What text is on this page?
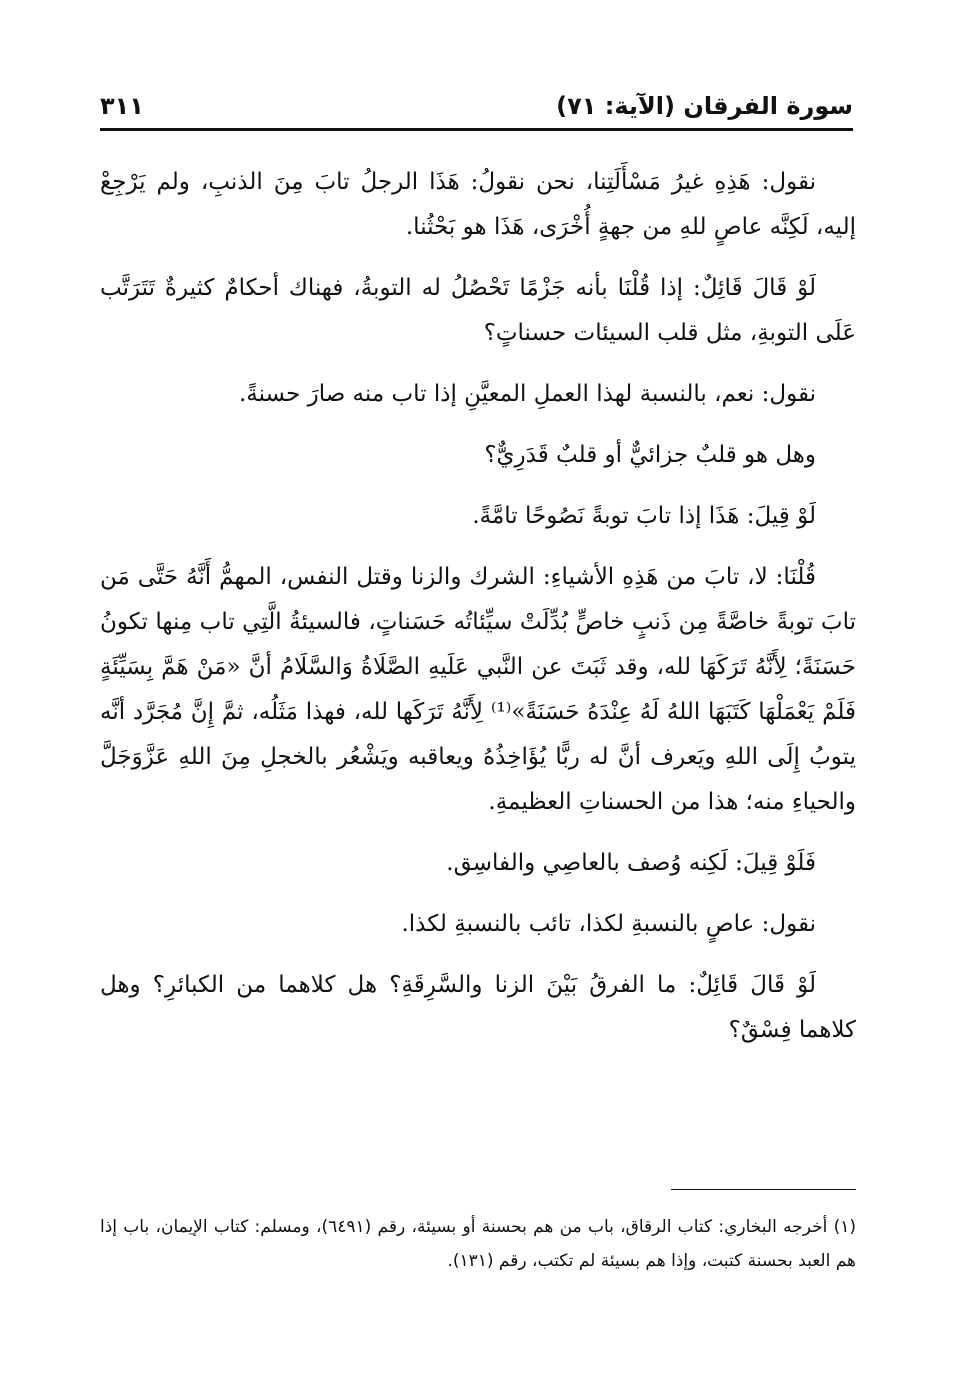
سورة الفرقان (الآية: ٧١)
٣١١

نقول: هَذِهِ غيرُ مَسْأَلَتِنا، نحن نقولُ: هَذَا الرجلُ تابَ مِنَ الذنبِ، ولم يَرْجِعْ إليه، لَكِنَّه عاصٍ للهِ من جهةٍ أُخْرَى، هَذَا هو بَحْثُنا.

لَوْ قَالَ قَائِلٌ: إذا قُلْنَا بأنه جَزْمًا تَحْصُلُ له التوبةُ، فهناك أحكامٌ كثيرةٌ تَتَرَتَّب عَلَى التوبةِ، مثل قلب السيئات حسناتٍ؟

نقول: نعم، بالنسبة لهذا العملِ المعيَّنِ إذا تاب منه صارَ حسنةً.

وهل هو قلبٌ جزائيٌّ أو قلبٌ قَدَرِيٌّ؟

لَوْ قِيلَ: هَذَا إذا تابَ توبةً نَصُوحًا تامَّةً.

قُلْنَا: لا، تابَ من هَذِهِ الأشياءِ: الشرك والزنا وقتل النفس، المهمُّ أَنَّهُ حَتَّى مَن تابَ توبةً خاصَّةً مِن ذَنبٍ خاصٍّ بُدِّلَتْ سيِّئاتُه حَسَناتٍ، فالسيئةُ الَّتِي تاب مِنها تكونُ حَسَنَةً؛ لِأَنَّهُ تَرَكَهَا لله، وقد ثَبَتَ عن النَّبي عَلَيهِ الصَّلَاةُ وَالسَّلَامُ أنَّ «مَنْ هَمَّ بِسَيِّئَةٍ فَلَمْ يَعْمَلْهَا كَتَبَهَا اللهُ لَهُ عِنْدَهُ حَسَنَةً»⁽¹⁾ لِأَنَّهُ تَرَكَها لله، فهذا مَثَلُه، ثمَّ إِنَّ مُجَرَّد أنَّه يتوبُ إِلَى اللهِ ويَعرف أنَّ له ربًّا يُؤَاخِذُهُ ويعاقبه ويَشْعُر بالخجلِ مِنَ اللهِ عَزَّوَجَلَّ والحياءِ منه؛ هذا من الحسناتِ العظيمةِ.

فَلَوْ قِيلَ: لَكِنه وُصف بالعاصِي والفاسِق.

نقول: عاصٍ بالنسبةِ لكذا، تائب بالنسبةِ لكذا.

لَوْ قَالَ قَائِلٌ: ما الفرقُ بَيْنَ الزنا والسَّرِقَةِ؟ هل كلاهما من الكبائرِ؟ وهل كلاهما فِسْقٌ؟

(١) أخرجه البخاري: كتاب الرقاق، باب من هم بحسنة أو بسيئة، رقم (٦٤٩١)، ومسلم: كتاب الإيمان، باب إذا هم العبد بحسنة كتبت، وإذا هم بسيئة لم تكتب، رقم (١٣١).
